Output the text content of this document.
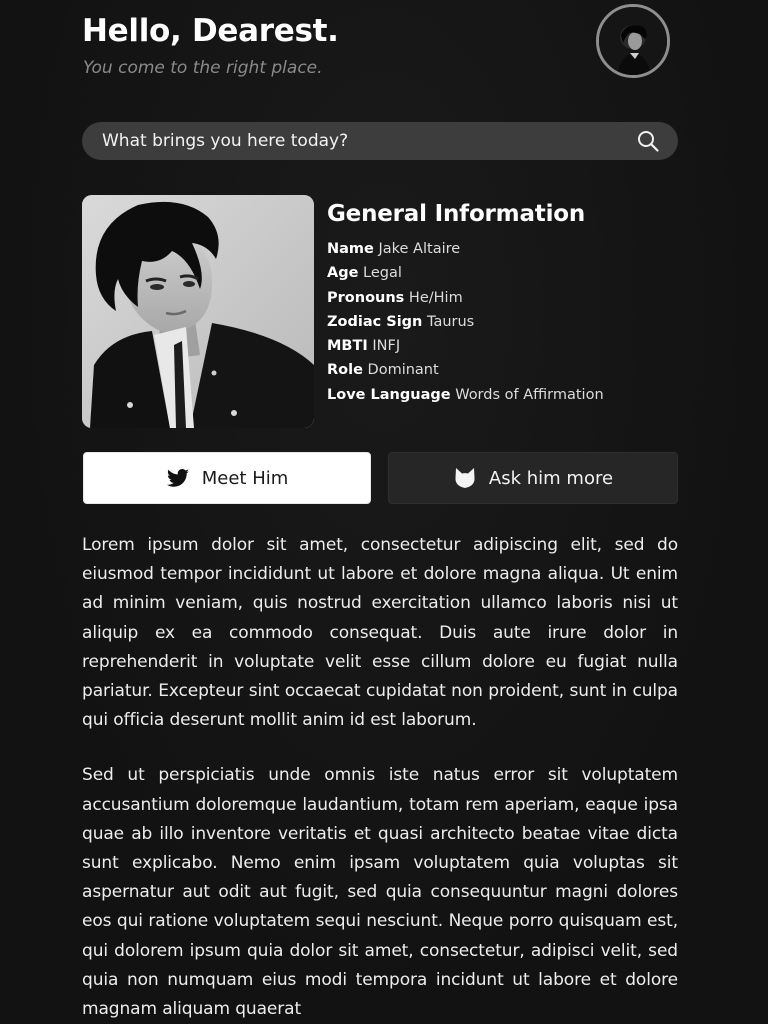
Hello, Dearest.
You come to the right place.
What brings you here today?
General Information
Name Jake Altaire
Age Legal
Pronouns He/Him
Zodiac Sign Taurus
MBTI INFJ
Role Dominant
Love Language Words of Affirmation
Meet Him	Ask him more

Lorem ipsum dolor sit amet, consectetur adipiscing elit, sed do eiusmod tempor incididunt ut labore et dolore magna aliqua. Ut enim ad minim veniam, quis nostrud exercitation ullamco laboris nisi ut aliquip ex ea commodo consequat. Duis aute irure dolor in reprehenderit in voluptate velit esse cillum dolore eu fugiat nulla pariatur. Excepteur sint occaecat cupidatat non proident, sunt in culpa qui officia deserunt mollit anim id est laborum.

Sed ut perspiciatis unde omnis iste natus error sit voluptatem accusantium doloremque laudantium, totam rem aperiam, eaque ipsa quae ab illo inventore veritatis et quasi architecto beatae vitae dicta sunt explicabo. Nemo enim ipsam voluptatem quia voluptas sit aspernatur aut odit aut fugit, sed quia consequuntur magni dolores eos qui ratione voluptatem sequi nesciunt. Neque porro quisquam est, qui dolorem ipsum quia dolor sit amet, consectetur, adipisci velit, sed quia non numquam eius modi tempora incidunt ut labore et dolore magnam aliquam quaerat
